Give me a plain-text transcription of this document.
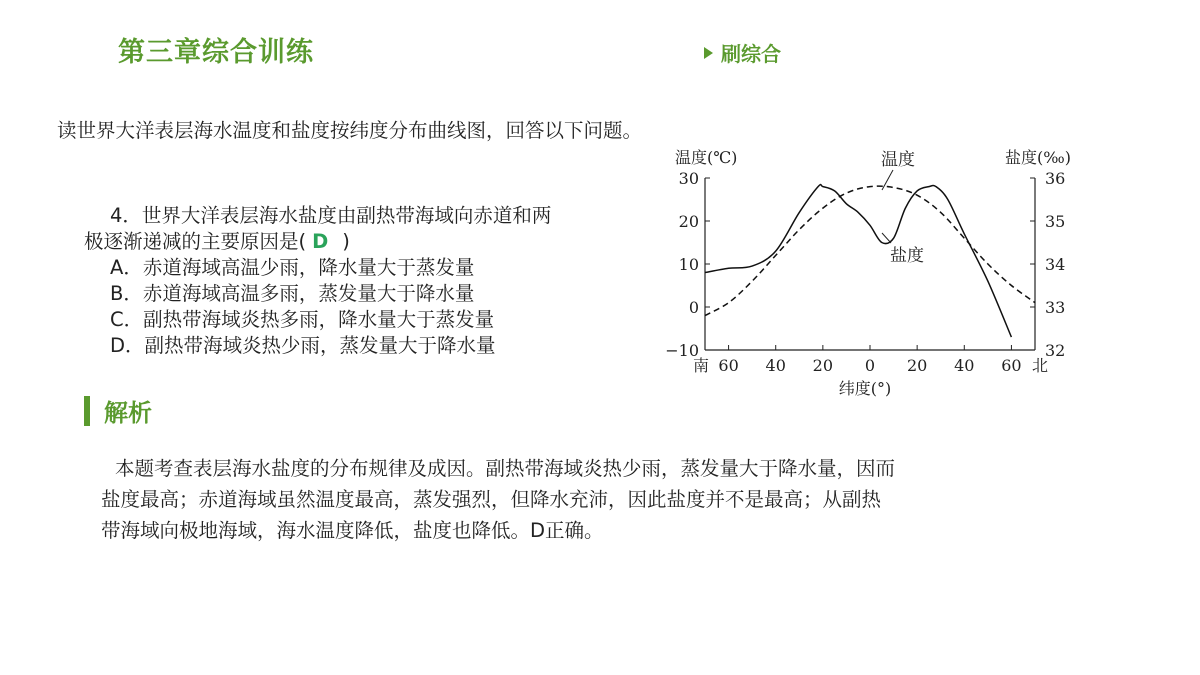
第三章综合训练	刷综合
读世界大洋表层海水温度和盐度按纬度分布曲线图，回答以下问题。
4．世界大洋表层海水盐度由副热带海域向赤道和两
极逐渐递减的主要原因是( D )
A．赤道海域高温少雨，降水量大于蒸发量
B．赤道海域高温多雨，蒸发量大于降水量
C．副热带海域炎热多雨，降水量大于蒸发量
D．副热带海域炎热少雨，蒸发量大于降水量
解析
本题考查表层海水盐度的分布规律及成因。副热带海域炎热少雨，蒸发量大于降水量，因而
盐度最高；赤道海域虽然温度最高，蒸发强烈，但降水充沛，因此盐度并不是最高；从副热
带海域向极地海域，海水温度降低，盐度也降低。D正确。
30
20
10
0
−10
36
35
34
33
32
60 40 20 0 20 40 60
南	北
温度(℃)	盐度(‰)
纬度(°)
温度
盐度
